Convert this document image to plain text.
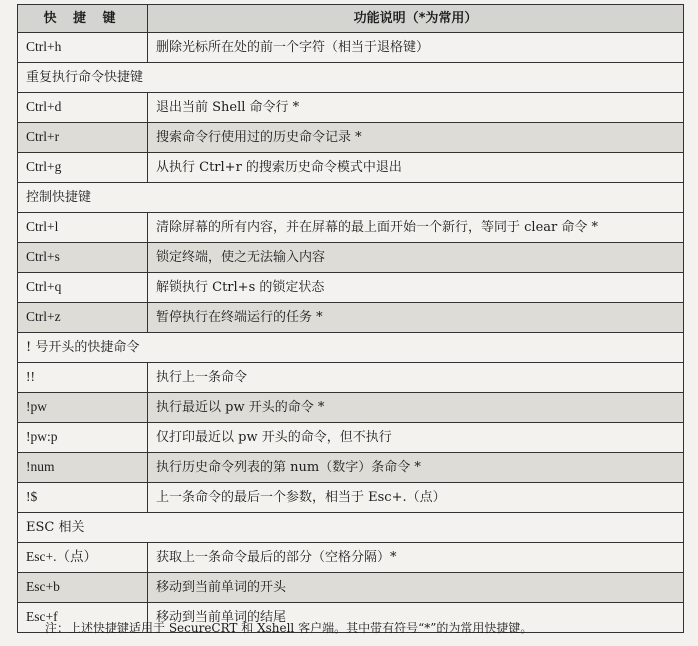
快 捷 键	功能说明（*为常用）
Ctrl+h	删除光标所在处的前一个字符（相当于退格键）
重复执行命令快捷键	
Ctrl+d	退出当前 Shell 命令行 *
Ctrl+r	搜索命令行使用过的历史命令记录 *
Ctrl+g	从执行 Ctrl+r 的搜索历史命令模式中退出
控制快捷键	
Ctrl+l	清除屏幕的所有内容，并在屏幕的最上面开始一个新行，等同于 clear 命令 *
Ctrl+s	锁定终端，使之无法输入内容
Ctrl+q	解锁执行 Ctrl+s 的锁定状态
Ctrl+z	暂停执行在终端运行的任务 *
! 号开头的快捷命令	
!!	执行上一条命令
!pw	执行最近以 pw 开头的命令 *
!pw:p	仅打印最近以 pw 开头的命令，但不执行
!num	执行历史命令列表的第 num（数字）条命令 *
!$	上一条命令的最后一个参数，相当于 Esc+.（点）
ESC 相关	
Esc+.（点）	获取上一条命令最后的部分（空格分隔）*
Esc+b	移动到当前单词的开头
Esc+f	移动到当前单词的结尾
注：上述快捷键适用于 SecureCRT 和 Xshell 客户端。其中带有符号“*”的为常用快捷键。
